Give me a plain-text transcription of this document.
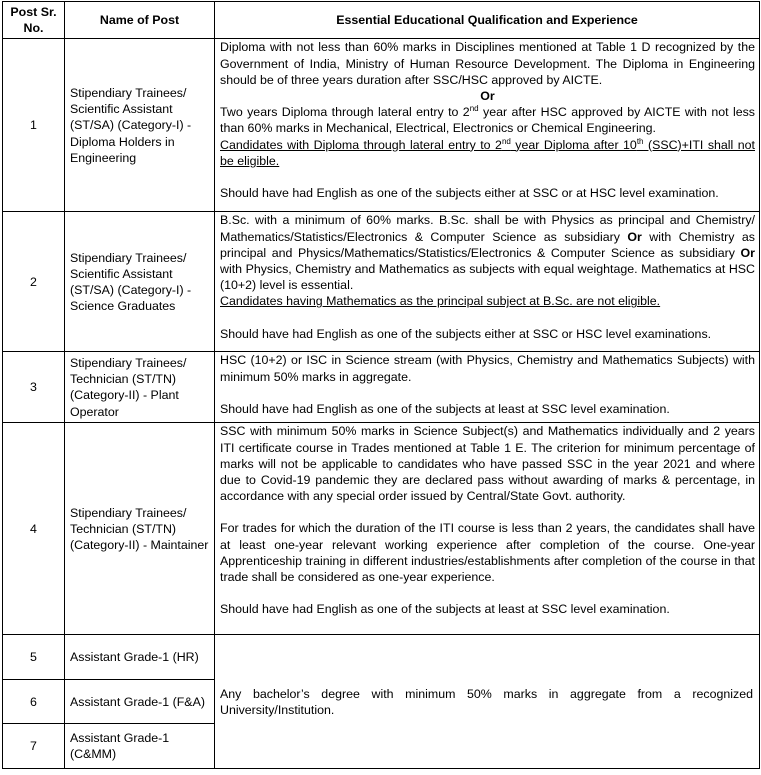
Post Sr. No.	Name of Post	Essential Educational Qualification and Experience
1	Stipendiary Trainees/ Scientific Assistant (ST/SA) (Category-I) - Diploma Holders in Engineering	Diploma with not less than 60% marks in Disciplines mentioned at Table 1 D recognized by the Government of India, Ministry of Human Resource Development. The Diploma in Engineering should be of three years duration after SSC/HSC approved by AICTE.

Or

Two years Diploma through lateral entry to 2nd year after HSC approved by AICTE with not less than 60% marks in Mechanical, Electrical, Electronics or Chemical Engineering.

Candidates with Diploma through lateral entry to 2nd year Diploma after 10th (SSC)+ITI shall not be eligible.

Should have had English as one of the subjects either at SSC or at HSC level examination.

2	Stipendiary Trainees/ Scientific Assistant (ST/SA) (Category-I) - Science Graduates	B.Sc. with a minimum of 60% marks. B.Sc. shall be with Physics as principal and Chemistry/ Mathematics/Statistics/Electronics & Computer Science as subsidiary Or with Chemistry as principal and Physics/Mathematics/Statistics/Electronics & Computer Science as subsidiary Or with Physics, Chemistry and Mathematics as subjects with equal weightage. Mathematics at HSC (10+2) level is essential.

Candidates having Mathematics as the principal subject at B.Sc. are not eligible.

Should have had English as one of the subjects either at SSC or HSC level examinations.

3	Stipendiary Trainees/ Technician (ST/TN) (Category-II) - Plant Operator	HSC (10+2) or ISC in Science stream (with Physics, Chemistry and Mathematics Subjects) with minimum 50% marks in aggregate.

Should have had English as one of the subjects at least at SSC level examination.

4	Stipendiary Trainees/ Technician (ST/TN) (Category-II) - Maintainer	SSC with minimum 50% marks in Science Subject(s) and Mathematics individually and 2 years ITI certificate course in Trades mentioned at Table 1 E. The criterion for minimum percentage of marks will not be applicable to candidates who have passed SSC in the year 2021 and where due to Covid-19 pandemic they are declared pass without awarding of marks & percentage, in accordance with any special order issued by Central/State Govt. authority.

For trades for which the duration of the ITI course is less than 2 years, the candidates shall have at least one-year relevant working experience after completion of the course. One-year Apprenticeship training in different industries/establishments after completion of the course in that trade shall be considered as one-year experience.

Should have had English as one of the subjects at least at SSC level examination.

5	Assistant Grade-1 (HR)	Any bachelor’s degree with minimum 50% marks in aggregate from a recognized University/Institution.
6	Assistant Grade-1 (F&A)	
7	Assistant Grade-1 (C&MM)	
